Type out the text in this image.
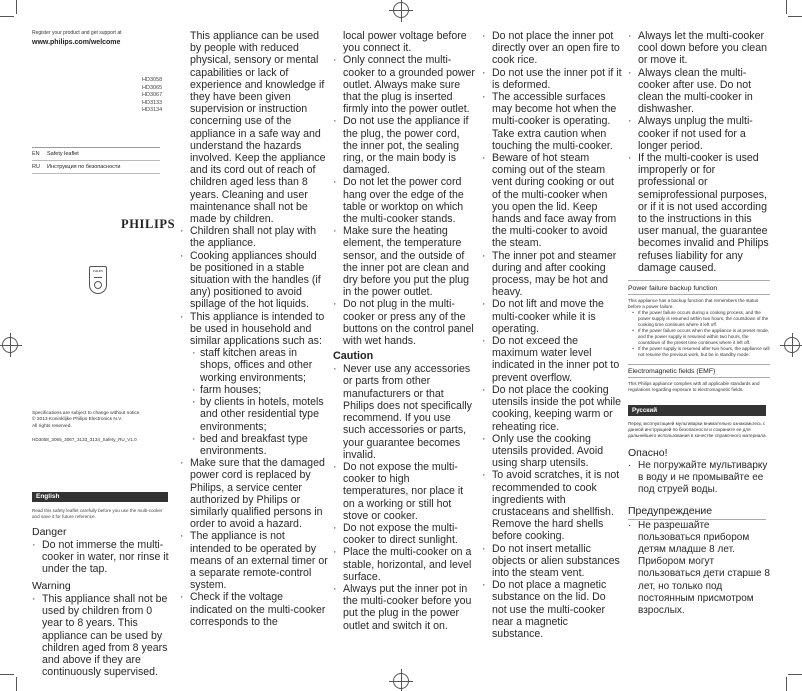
Register your product and get support at
www.philips.com/welcome
HD3058
HD3065
HD3067
HD3133
HD3134
EN	Safety leaflet
RU	Инструкция по безопасности
PHILIPS
PHILIPS
Specifications are subject to change without notice
© 2013 Koninklijke Philips Electronics N.V.
All rights reserved.
HD3058_3065_3067_3133_3134_Safety_RU_V1.0
English
Read this safety leaflet carefully before you use the multi-cooker and save it for future reference.
Danger
· Do not immerse the multi-cooker in water, nor rinse it under the tap.
Warning
· This appliance shall not be used by children from 0 year to 8 years. This appliance can be used by children aged from 8 years and above if they are continuously supervised.
This appliance can be used by people with reduced physical, sensory or mental capabilities or lack of experience and knowledge if they have been given supervision or instruction concerning use of the appliance in a safe way and understand the hazards involved. Keep the appliance and its cord out of reach of children aged less than 8 years. Cleaning and user maintenance shall not be made by children.
· Children shall not play with the appliance.
· Cooking appliances should be positioned in a stable situation with the handles (if any) positioned to avoid spillage of the hot liquids.
· This appliance is intended to be used in household and similar applications such as:
· staff kitchen areas in shops, offices and other working environments;
· farm houses;
· by clients in hotels, motels and other residential type environments;
· bed and breakfast type environments.
· Make sure that the damaged power cord is replaced by Philips, a service center authorized by Philips or similarly qualified persons in order to avoid a hazard.
· The appliance is not intended to be operated by means of an external timer or a separate remote-control system.
· Check if the voltage indicated on the multi-cooker corresponds to the
local power voltage before you connect it.
· Only connect the multi-cooker to a grounded power outlet. Always make sure that the plug is inserted firmly into the power outlet.
· Do not use the appliance if the plug, the power cord, the inner pot, the sealing ring, or the main body is damaged.
· Do not let the power cord hang over the edge of the table or worktop on which the multi-cooker stands.
· Make sure the heating element, the temperature sensor, and the outside of the inner pot are clean and dry before you put the plug in the power outlet.
· Do not plug in the multi-cooker or press any of the buttons on the control panel with wet hands.
Caution
· Never use any accessories or parts from other manufacturers or that Philips does not specifically recommend. If you use such accessories or parts, your guarantee becomes invalid.
· Do not expose the multi-cooker to high temperatures, nor place it on a working or still hot stove or cooker.
· Do not expose the multi-cooker to direct sunlight.
· Place the multi-cooker on a stable, horizontal, and level surface.
· Always put the inner pot in the multi-cooker before you put the plug in the power outlet and switch it on.
· Do not place the inner pot directly over an open fire to cook rice.
· Do not use the inner pot if it is deformed.
· The accessible surfaces may become hot when the multi-cooker is operating. Take extra caution when touching the multi-cooker.
· Beware of hot steam coming out of the steam vent during cooking or out of the multi-cooker when you open the lid. Keep hands and face away from the multi-cooker to avoid the steam.
· The inner pot and steamer during and after cooking process, may be hot and heavy.
· Do not lift and move the multi-cooker while it is operating.
· Do not exceed the maximum water level indicated in the inner pot to prevent overflow.
· Do not place the cooking utensils inside the pot while cooking, keeping warm or reheating rice.
· Only use the cooking utensils provided. Avoid using sharp utensils.
· To avoid scratches, it is not recommended to cook ingredients with crustaceans and shellfish. Remove the hard shells before cooking.
· Do not insert metallic objects or alien substances into the steam vent.
· Do not place a magnetic substance on the lid. Do not use the multi-cooker near a magnetic substance.
· Always let the multi-cooker cool down before you clean or move it.
· Always clean the multi-cooker after use. Do not clean the multi-cooker in dishwasher.
· Always unplug the multi-cooker if not used for a longer period.
· If the multi-cooker is used improperly or for professional or semiprofessional purposes, or if it is not used according to the instructions in this user manual, the guarantee becomes invalid and Philips refuses liability for any damage caused.
Power failure backup function
This appliance has a backup function that remembers the status before a power failure.
• If the power failure occurs during a cooking process, and the power supply is resumed within two hours, the countdown of the cooking time continues where it left off.
• If the power failure occurs when the appliance is at preset mode, and the power supply is resumed within two hours, the countdown of the preset time continues where it left off.
• If the power supply is resumed after two hours, the appliance will not resume the previous work, but be in standby mode.
Electromagnetic fields (EMF)
This Philips appliance complies with all applicable standards and regulations regarding exposure to electromagnetic fields.
Русский
Перед эксплуатацией мультиварки внимательно ознакомьтесь с данной инструкцией по безопасности и сохраните ее для дальнейшего использования в качестве справочного материала.
Опасно!
· Не погружайте мультиварку в воду и не промывайте ее под струей воды.
Предупреждение
· Не разрешайте пользоваться прибором детям младше 8 лет. Прибором могут пользоваться дети старше 8 лет, но только под постоянным присмотром взрослых.
